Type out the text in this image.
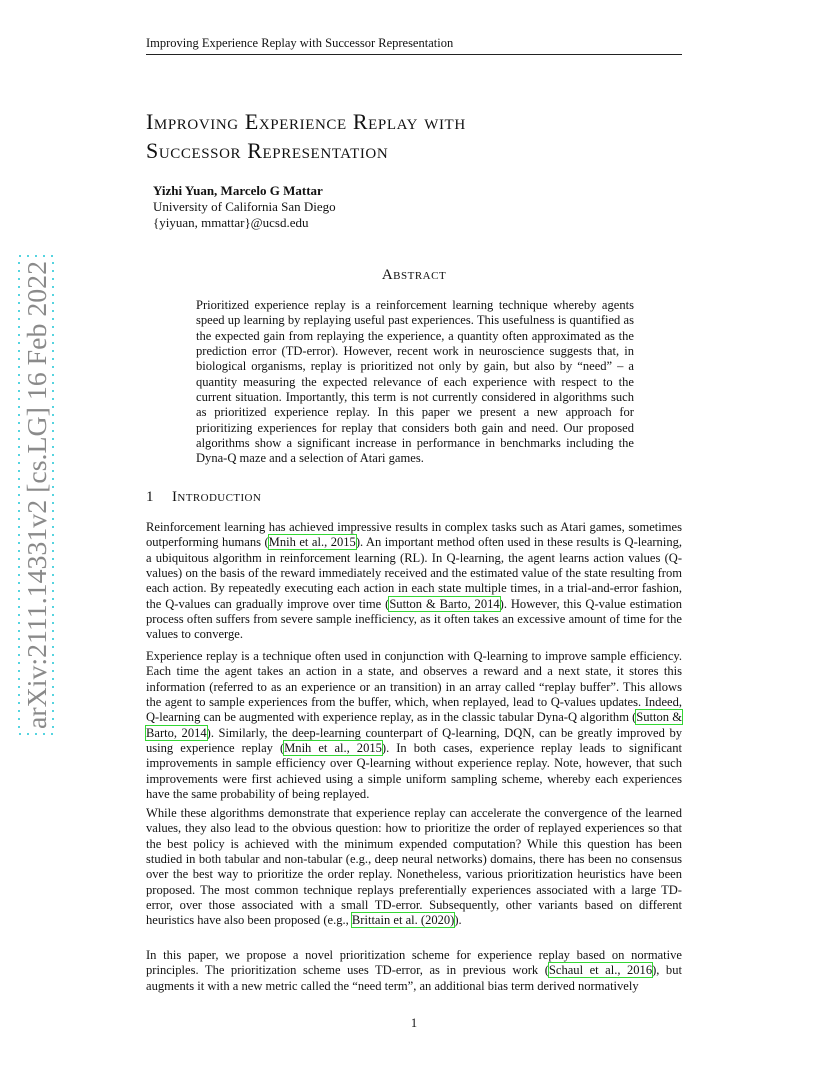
Improving Experience Replay with Successor Representation
Improving Experience Replay with
Successor Representation
Yizhi Yuan, Marcelo G Mattar
University of California San Diego
{yiyuan, mmattar}@ucsd.edu
arXiv:2111.14331v2 [cs.LG] 16 Feb 2022
Abstract
Prioritized experience replay is a reinforcement learning technique whereby agents speed up learning by replaying useful past experiences. This usefulness is quantified as the expected gain from replaying the experience, a quantity often approximated as the prediction error (TD-error). However, recent work in neuroscience suggests that, in biological organisms, replay is prioritized not only by gain, but also by “need” – a quantity measuring the expected relevance of each experience with respect to the current situation. Importantly, this term is not currently considered in algorithms such as prioritized experience replay. In this paper we present a new approach for prioritizing experiences for replay that considers both gain and need. Our proposed algorithms show a significant increase in performance in benchmarks including the Dyna-Q maze and a selection of Atari games.
1 Introduction

Reinforcement learning has achieved impressive results in complex tasks such as Atari games, sometimes outperforming humans (Mnih et al., 2015). An important method often used in these results is Q-learning, a ubiquitous algorithm in reinforcement learning (RL). In Q-learning, the agent learns action values (Q-values) on the basis of the reward immediately received and the estimated value of the state resulting from each action. By repeatedly executing each action in each state multiple times, in a trial-and-error fashion, the Q-values can gradually improve over time (Sutton & Barto, 2014). However, this Q-value estimation process often suffers from severe sample inefficiency, as it often takes an excessive amount of time for the values to converge.

Experience replay is a technique often used in conjunction with Q-learning to improve sample efficiency. Each time the agent takes an action in a state, and observes a reward and a next state, it stores this information (referred to as an experience or an transition) in an array called “replay buffer”. This allows the agent to sample experiences from the buffer, which, when replayed, lead to Q-values updates. Indeed, Q-learning can be augmented with experience replay, as in the classic tabular Dyna-Q algorithm (Sutton & Barto, 2014). Similarly, the deep-learning counterpart of Q-learning, DQN, can be greatly improved by using experience replay (Mnih et al., 2015). In both cases, experience replay leads to significant improvements in sample efficiency over Q-learning without experience replay. Note, however, that such improvements were first achieved using a simple uniform sampling scheme, whereby each experiences have the same probability of being replayed.

While these algorithms demonstrate that experience replay can accelerate the convergence of the learned values, they also lead to the obvious question: how to prioritize the order of replayed experiences so that the best policy is achieved with the minimum expended computation? While this question has been studied in both tabular and non-tabular (e.g., deep neural networks) domains, there has been no consensus over the best way to prioritize the order replay. Nonetheless, various prioritization heuristics have been proposed. The most common technique replays preferentially experiences associated with a large TD-error, over those associated with a small TD-error. Subsequently, other variants based on different heuristics have also been proposed (e.g., Brittain et al. (2020)).

In this paper, we propose a novel prioritization scheme for experience replay based on normative principles. The prioritization scheme uses TD-error, as in previous work (Schaul et al., 2016), but augments it with a new metric called the “need term”, an additional bias term derived normatively

1
